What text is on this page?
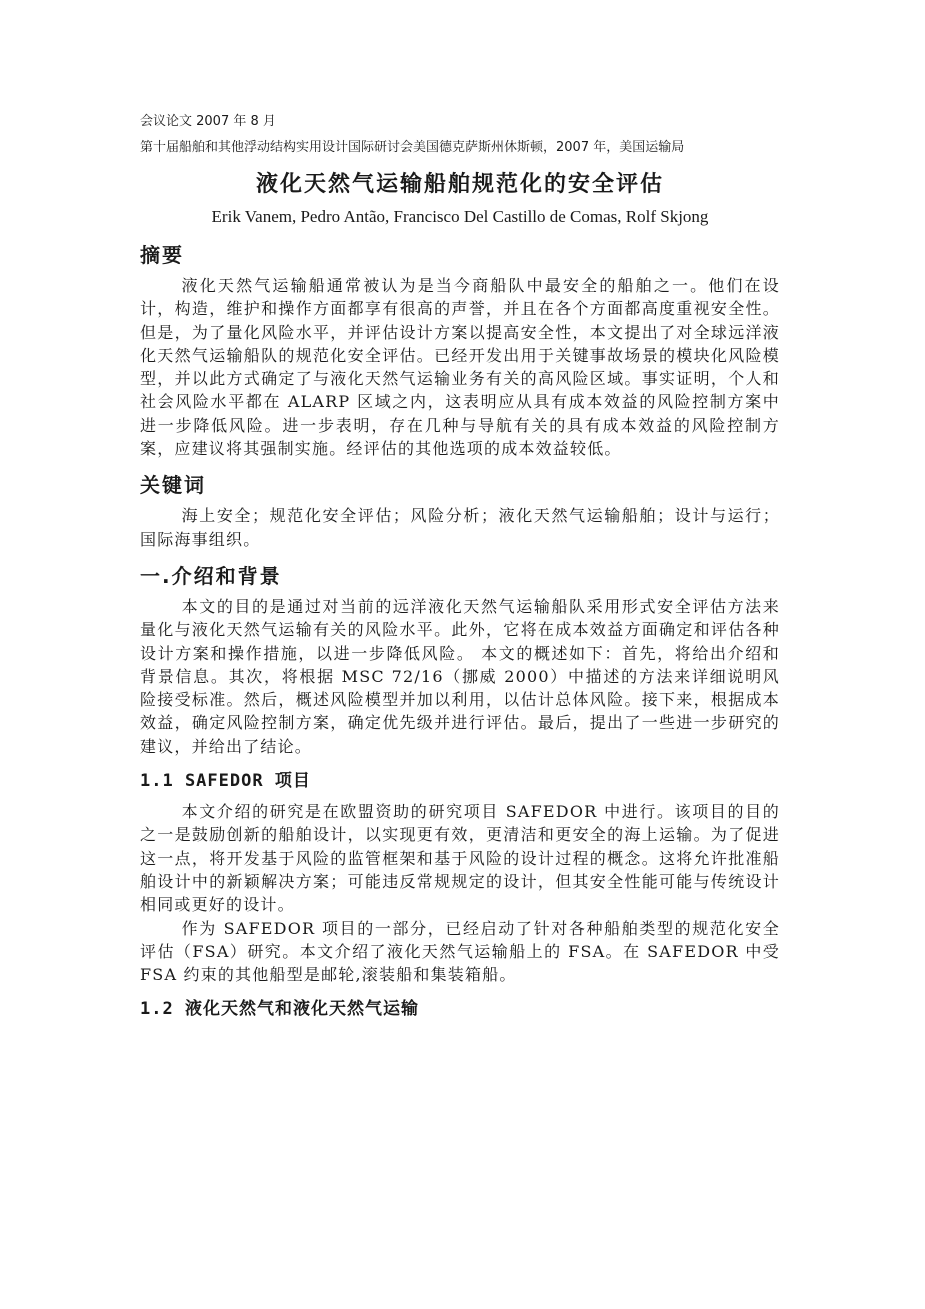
会议论文 2007 年 8 月

第十届船舶和其他浮动结构实用设计国际研讨会美国德克萨斯州休斯顿，2007 年，美国运输局

液化天然气运输船舶规范化的安全评估

Erik Vanem, Pedro Antão, Francisco Del Castillo de Comas, Rolf Skjong

摘要

液化天然气运输船通常被认为是当今商船队中最安全的船舶之一。他们在设计，构造，维护和操作方面都享有很高的声誉，并且在各个方面都高度重视安全性。但是，为了量化风险水平，并评估设计方案以提高安全性，本文提出了对全球远洋液化天然气运输船队的规范化安全评估。已经开发出用于关键事故场景的模块化风险模型，并以此方式确定了与液化天然气运输业务有关的高风险区域。事实证明，个人和社会风险水平都在 ALARP 区域之内，这表明应从具有成本效益的风险控制方案中进一步降低风险。进一步表明，存在几种与导航有关的具有成本效益的风险控制方案，应建议将其强制实施。经评估的其他选项的成本效益较低。

关键词

海上安全；规范化安全评估；风险分析；液化天然气运输船舶；设计与运行；国际海事组织。

一.介绍和背景

本文的目的是通过对当前的远洋液化天然气运输船队采用形式安全评估方法来量化与液化天然气运输有关的风险水平。此外，它将在成本效益方面确定和评估各种设计方案和操作措施，以进一步降低风险。 本文的概述如下：首先，将给出介绍和背景信息。其次，将根据 MSC 72/16（挪威 2000）中描述的方法来详细说明风险接受标准。然后，概述风险模型并加以利用，以估计总体风险。接下来，根据成本效益，确定风险控制方案，确定优先级并进行评估。最后，提出了一些进一步研究的建议，并给出了结论。

1.1 SAFEDOR 项目

本文介绍的研究是在欧盟资助的研究项目 SAFEDOR 中进行。该项目的目的之一是鼓励创新的船舶设计，以实现更有效，更清洁和更安全的海上运输。为了促进这一点，将开发基于风险的监管框架和基于风险的设计过程的概念。这将允许批准船舶设计中的新颖解决方案；可能违反常规规定的设计，但其安全性能可能与传统设计相同或更好的设计。

作为 SAFEDOR 项目的一部分，已经启动了针对各种船舶类型的规范化安全评估（FSA）研究。本文介绍了液化天然气运输船上的 FSA。在 SAFEDOR 中受 FSA 约束的其他船型是邮轮,滚装船和集装箱船。

1.2 液化天然气和液化天然气运输
